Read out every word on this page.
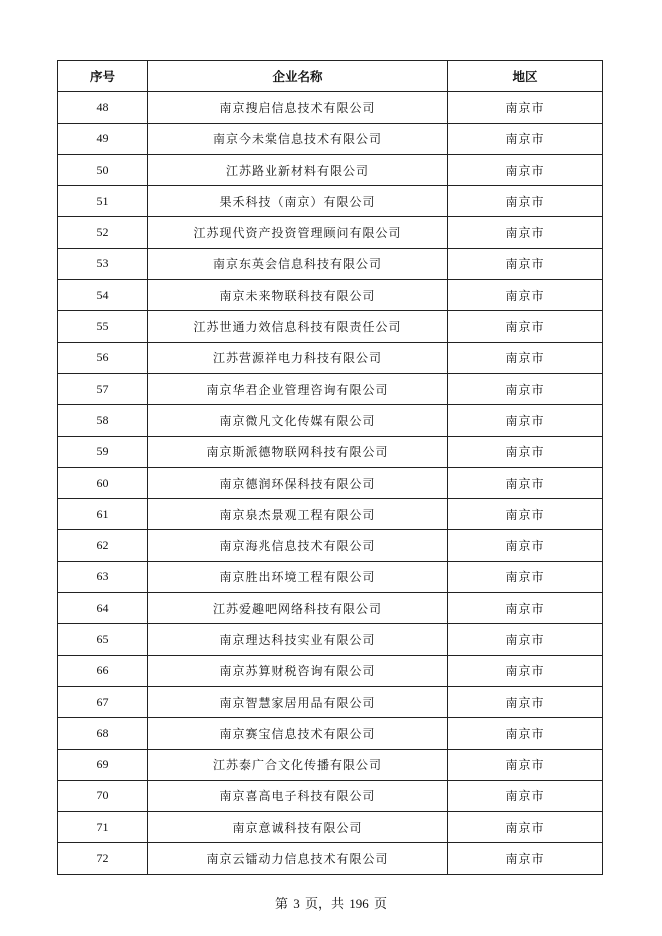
序号	企业名称	地区
48	南京搜启信息技术有限公司	南京市
49	南京今未棠信息技术有限公司	南京市
50	江苏路业新材料有限公司	南京市
51	果禾科技（南京）有限公司	南京市
52	江苏现代资产投资管理顾问有限公司	南京市
53	南京东英会信息科技有限公司	南京市
54	南京未来物联科技有限公司	南京市
55	江苏世通力效信息科技有限责任公司	南京市
56	江苏营源祥电力科技有限公司	南京市
57	南京华君企业管理咨询有限公司	南京市
58	南京微凡文化传媒有限公司	南京市
59	南京斯派德物联网科技有限公司	南京市
60	南京德润环保科技有限公司	南京市
61	南京泉杰景观工程有限公司	南京市
62	南京海兆信息技术有限公司	南京市
63	南京胜出环境工程有限公司	南京市
64	江苏爱趣吧网络科技有限公司	南京市
65	南京理达科技实业有限公司	南京市
66	南京苏算财税咨询有限公司	南京市
67	南京智慧家居用品有限公司	南京市
68	南京赛宝信息技术有限公司	南京市
69	江苏泰广合文化传播有限公司	南京市
70	南京喜高电子科技有限公司	南京市
71	南京意诚科技有限公司	南京市
72	南京云镭动力信息技术有限公司	南京市
第 3 页，共 196 页
